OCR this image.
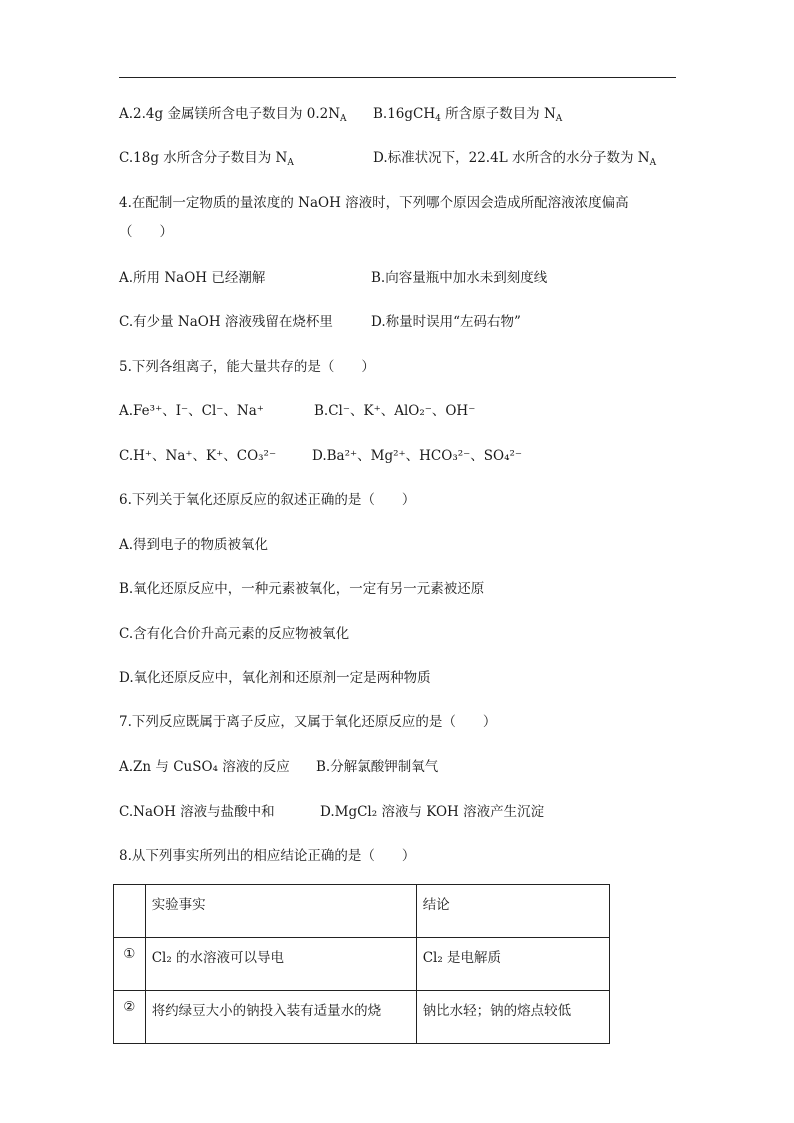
A.2.4g 金属镁所含电子数目为 $0.2N_A$ B.16gCH$_4$ 所含原子数目为 $N_A$
C.18g 水所含分子数目为 $N_A$	D.标准状况下，22.4L 水所含的水分子数为 $N_A$
4.在配制一定物质的量浓度的 NaOH 溶液时，下列哪个原因会造成所配溶液浓度偏高
（　　）
A.所用 NaOH 已经潮解	B.向容量瓶中加水未到刻度线
C.有少量 NaOH 溶液残留在烧杯里	D.称量时误用“左码右物”
5.下列各组离子，能大量共存的是（　　）
A.Fe³⁺、I⁻、Cl⁻、Na⁺	B.Cl⁻、K⁺、AlO₂⁻、OH⁻
C.H⁺、Na⁺、K⁺、CO₃²⁻	D.Ba²⁺、Mg²⁺、HCO₃²⁻、SO₄²⁻
6.下列关于氧化还原反应的叙述正确的是（　　）
A.得到电子的物质被氧化
B.氧化还原反应中，一种元素被氧化，一定有另一元素被还原
C.含有化合价升高元素的反应物被氧化
D.氧化还原反应中，氧化剂和还原剂一定是两种物质
7.下列反应既属于离子反应，又属于氧化还原反应的是（　　）
A.Zn 与 CuSO₄ 溶液的反应 B.分解氯酸钾制氧气
C.NaOH 溶液与盐酸中和	D.MgCl₂ 溶液与 KOH 溶液产生沉淀
8.从下列事实所列出的相应结论正确的是（　　）
	实验事实	结论
①	Cl₂ 的水溶液可以导电	Cl₂ 是电解质
②	将约绿豆大小的钠投入装有适量水的烧	钠比水轻；钠的熔点较低
